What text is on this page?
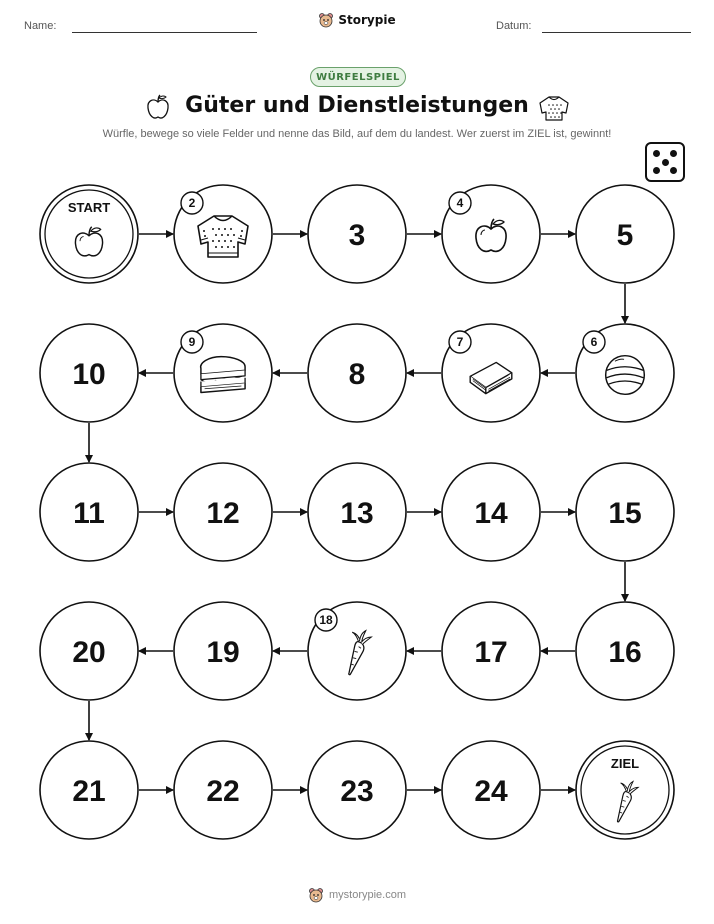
Name:	Storypie	Datum:
WÜRFELSPIEL
Güter und Dienstleistungen
Würfle, bewege so viele Felder und nenne das Bild, auf dem du landest. Wer zuerst im ZIEL ist, gewinnt!
START	2
3
4
5
6
7
8
9
10
11	12	13	14	15
16
17
18
19
20
21	22	23	24
ZIEL
mystorypie.com
